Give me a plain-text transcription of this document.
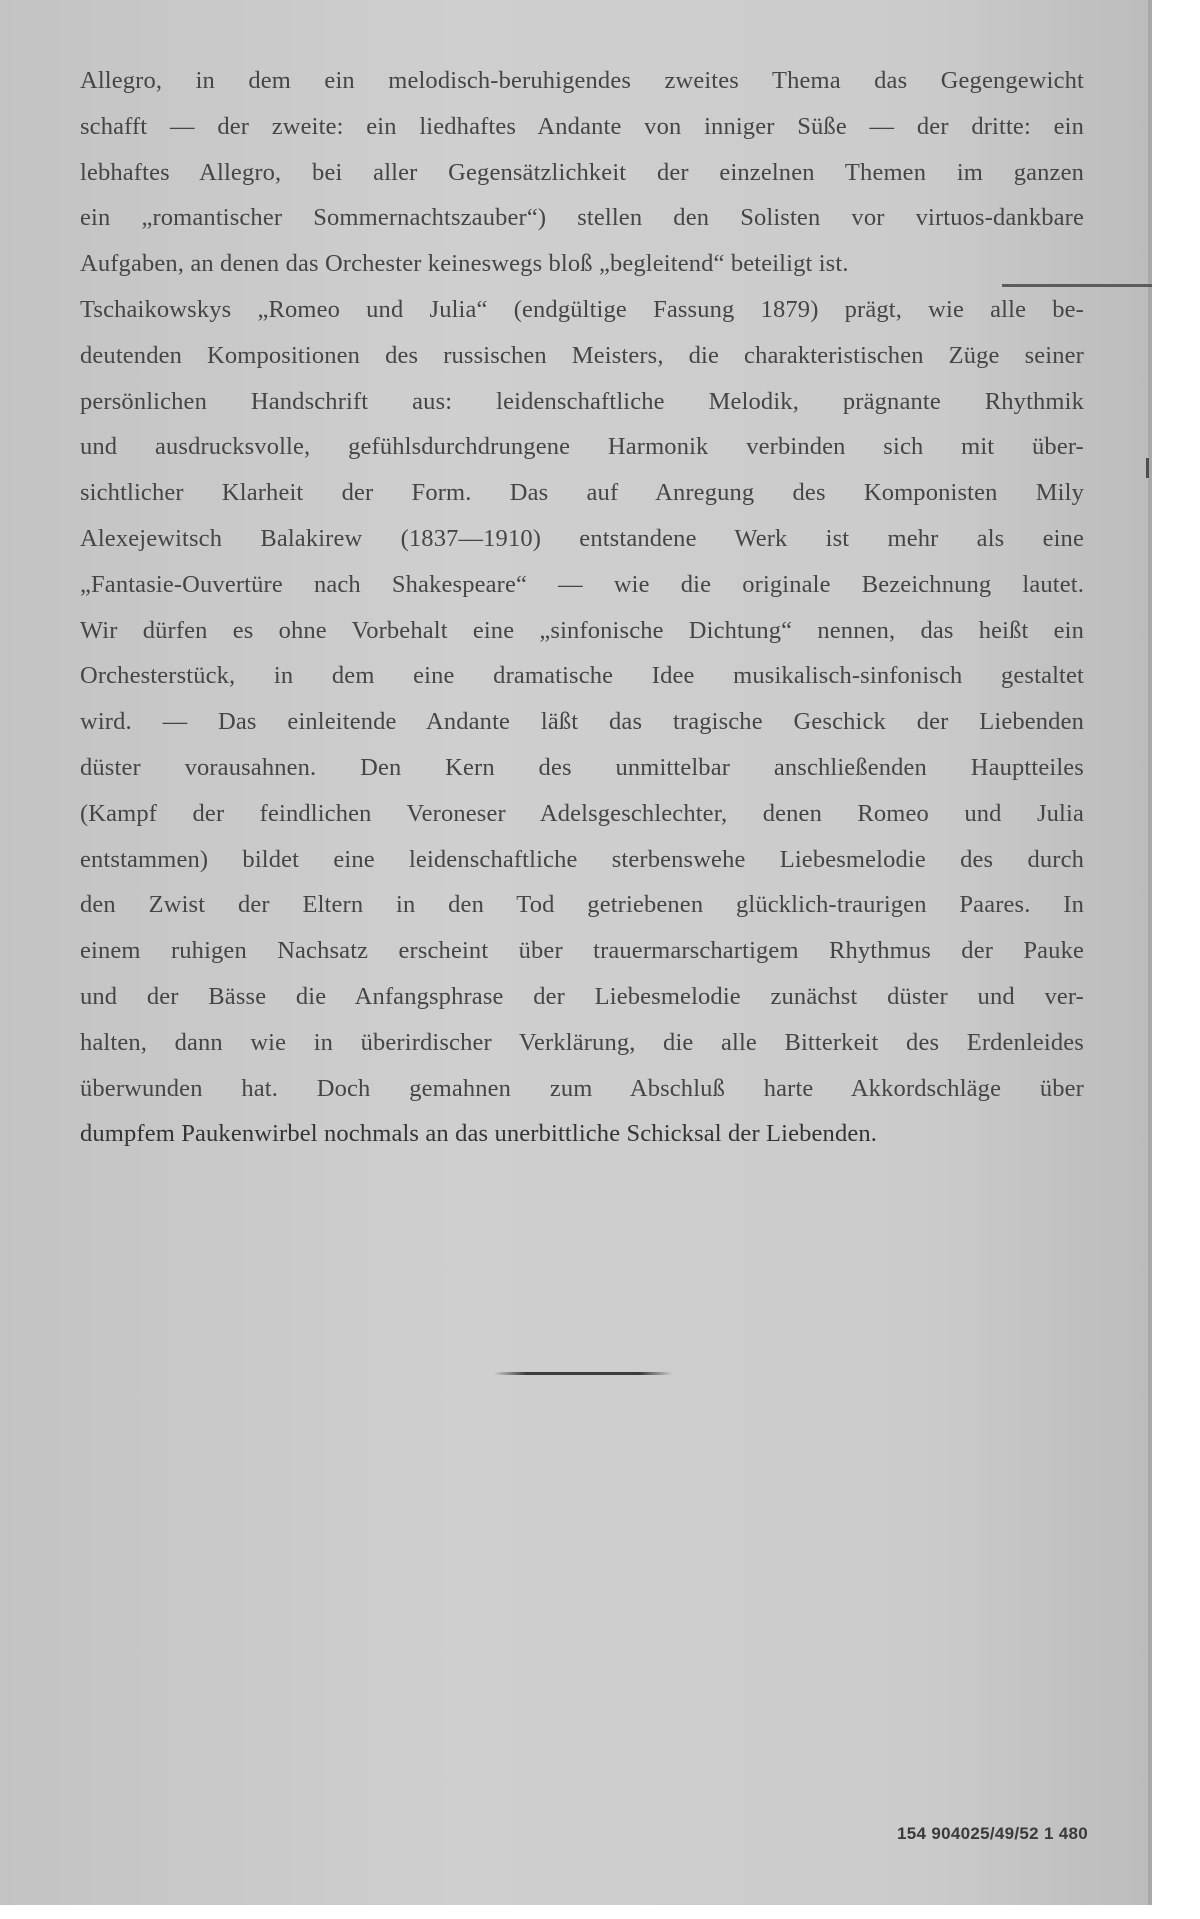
Allegro, in dem ein melodisch-beruhigendes zweites Thema das Gegengewicht
schafft — der zweite: ein liedhaftes Andante von inniger Süße — der dritte: ein
lebhaftes Allegro, bei aller Gegensätzlichkeit der einzelnen Themen im ganzen
ein „romantischer Sommernachtszauber“) stellen den Solisten vor virtuos-dankbare
Aufgaben, an denen das Orchester keineswegs bloß „begleitend“ beteiligt ist.
Tschaikowskys „Romeo und Julia“ (endgültige Fassung 1879) prägt, wie alle be-
deutenden Kompositionen des russischen Meisters, die charakteristischen Züge seiner
persönlichen Handschrift aus: leidenschaftliche Melodik, prägnante Rhythmik
und ausdrucksvolle, gefühlsdurchdrungene Harmonik verbinden sich mit über-
sichtlicher Klarheit der Form. Das auf Anregung des Komponisten Mily
Alexejewitsch Balakirew (1837—1910) entstandene Werk ist mehr als eine
„Fantasie-Ouvertüre nach Shakespeare“ — wie die originale Bezeichnung lautet.
Wir dürfen es ohne Vorbehalt eine „sinfonische Dichtung“ nennen, das heißt ein
Orchesterstück, in dem eine dramatische Idee musikalisch-sinfonisch gestaltet
wird. — Das einleitende Andante läßt das tragische Geschick der Liebenden
düster vorausahnen. Den Kern des unmittelbar anschließenden Hauptteiles
(Kampf der feindlichen Veroneser Adelsgeschlechter, denen Romeo und Julia
entstammen) bildet eine leidenschaftliche sterbenswehe Liebesmelodie des durch
den Zwist der Eltern in den Tod getriebenen glücklich-traurigen Paares. In
einem ruhigen Nachsatz erscheint über trauermarschartigem Rhythmus der Pauke
und der Bässe die Anfangsphrase der Liebesmelodie zunächst düster und ver-
halten, dann wie in überirdischer Verklärung, die alle Bitterkeit des Erdenleides
überwunden hat. Doch gemahnen zum Abschluß harte Akkordschläge über
dumpfem Paukenwirbel nochmals an das unerbittliche Schicksal der Liebenden.
154 904025/49/52 1 480
